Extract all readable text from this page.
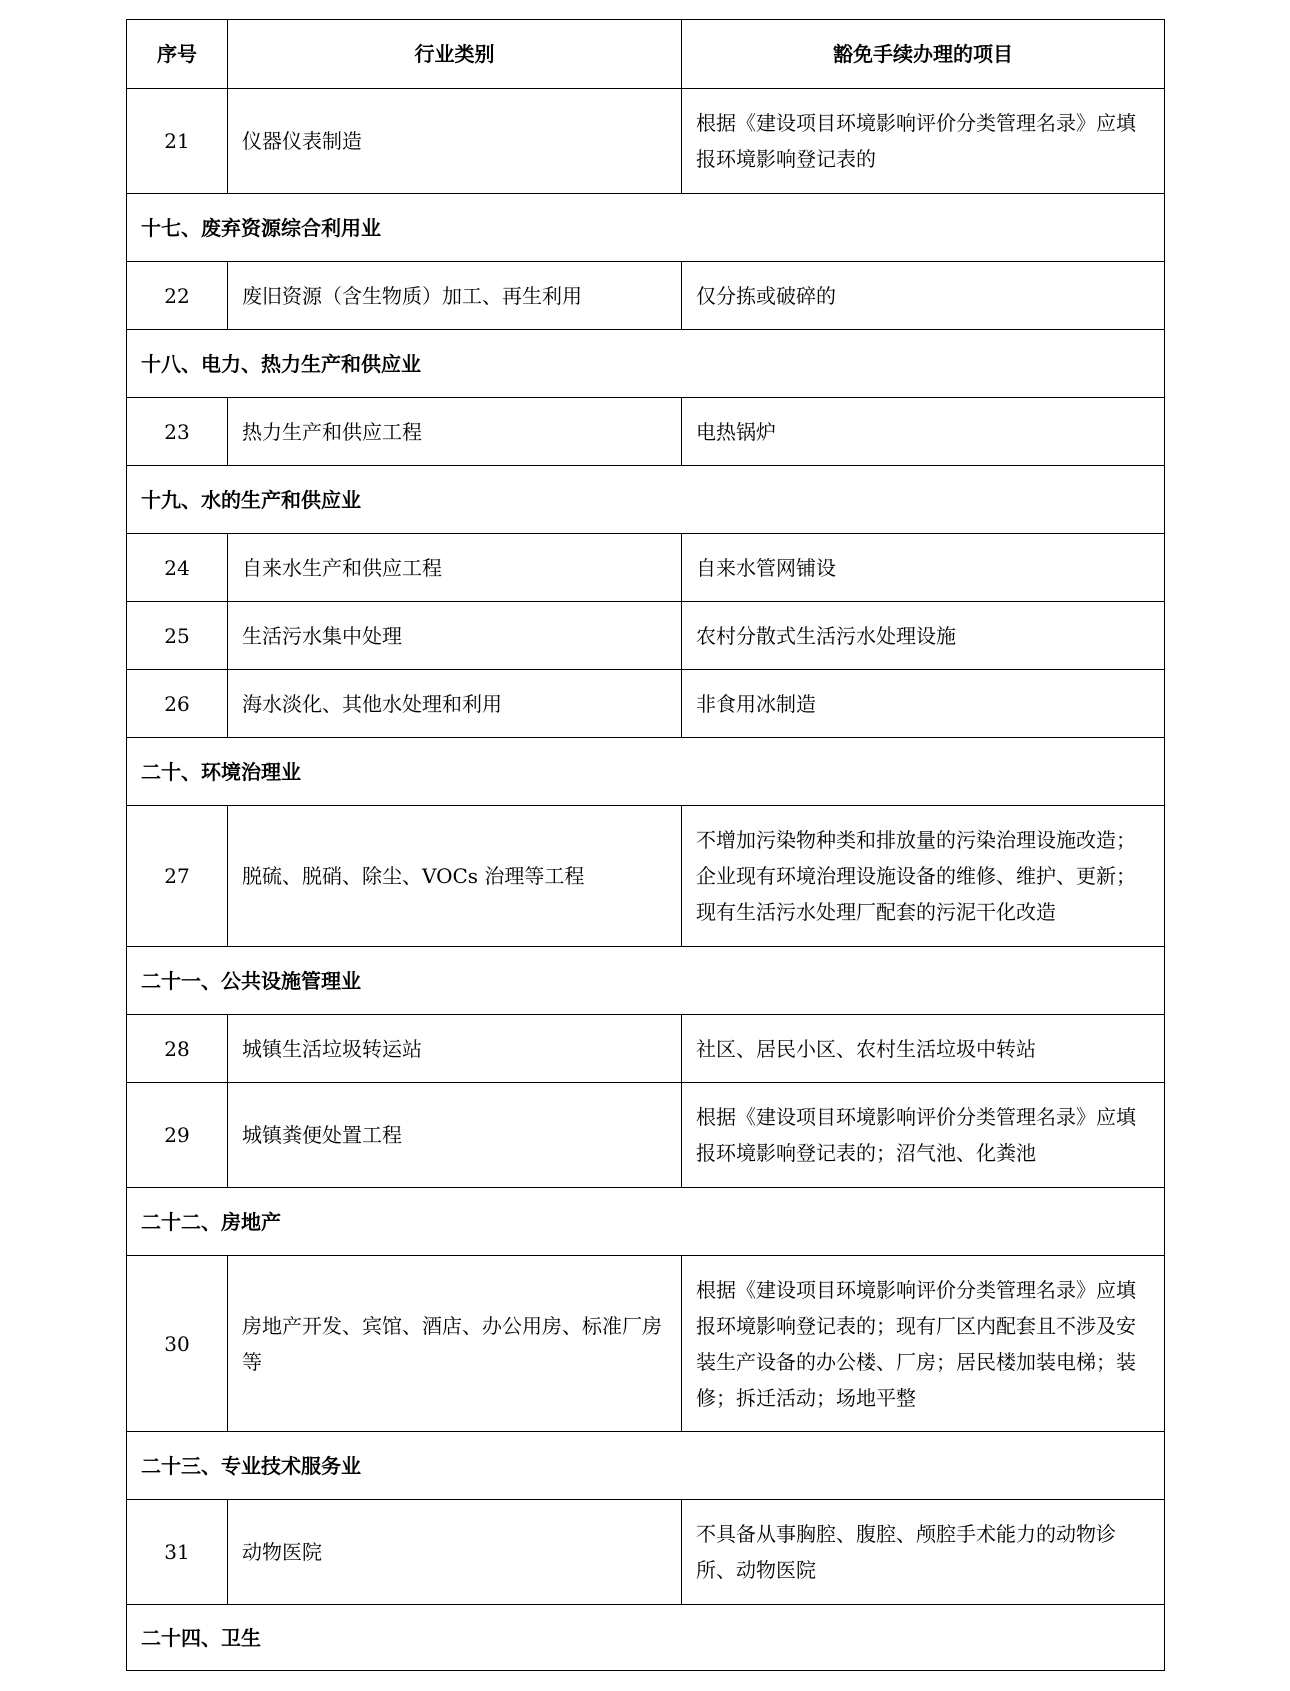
序号	行业类别	豁免手续办理的项目
21	仪器仪表制造	根据《建设项目环境影响评价分类管理名录》应填报环境影响登记表的
十七、废弃资源综合利用业		
22	废旧资源（含生物质）加工、再生利用	仅分拣或破碎的
十八、电力、热力生产和供应业		
23	热力生产和供应工程	电热锅炉
十九、水的生产和供应业		
24	自来水生产和供应工程	自来水管网铺设
25	生活污水集中处理	农村分散式生活污水处理设施
26	海水淡化、其他水处理和利用	非食用冰制造
二十、环境治理业		
27	脱硫、脱硝、除尘、VOCs 治理等工程	不增加污染物种类和排放量的污染治理设施改造；企业现有环境治理设施设备的维修、维护、更新；现有生活污水处理厂配套的污泥干化改造
二十一、公共设施管理业		
28	城镇生活垃圾转运站	社区、居民小区、农村生活垃圾中转站
29	城镇粪便处置工程	根据《建设项目环境影响评价分类管理名录》应填报环境影响登记表的；沼气池、化粪池
二十二、房地产		
30	房地产开发、宾馆、酒店、办公用房、标准厂房等	根据《建设项目环境影响评价分类管理名录》应填报环境影响登记表的；现有厂区内配套且不涉及安装生产设备的办公楼、厂房；居民楼加装电梯；装修；拆迁活动；场地平整
二十三、专业技术服务业		
31	动物医院	不具备从事胸腔、腹腔、颅腔手术能力的动物诊所、动物医院
二十四、卫生		
